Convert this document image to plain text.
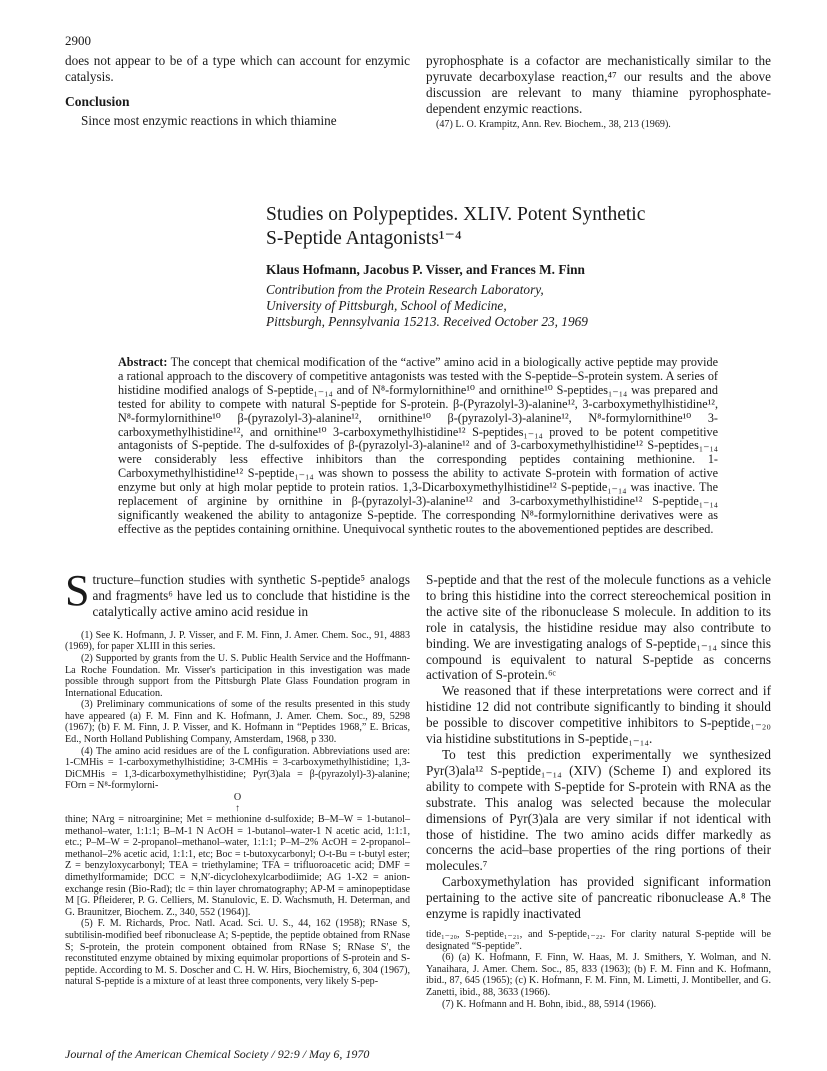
2900

does not appear to be of a type which can account for enzymic catalysis.

Conclusion

Since most enzymic reactions in which thiamine

pyrophosphate is a cofactor are mechanistically similar to the pyruvate decarboxylase reaction,⁴⁷ our results and the above discussion are relevant to many thiamine pyrophosphate-dependent enzymic reactions.

(47) L. O. Krampitz, Ann. Rev. Biochem., 38, 213 (1969).

Studies on Polypeptides. XLIV. Potent Synthetic
S-Peptide Antagonists¹⁻⁴
Klaus Hofmann, Jacobus P. Visser, and Frances M. Finn
Contribution from the Protein Research Laboratory,
University of Pittsburgh, School of Medicine,
Pittsburgh, Pennsylvania 15213. Received October 23, 1969
Abstract: The concept that chemical modification of the “active” amino acid in a biologically active peptide may provide a rational approach to the discovery of competitive antagonists was tested with the S-peptide–S-protein system. A series of histidine modified analogs of S-peptide₁₋₁₄ and of N⁸-formylornithine¹⁰ and ornithine¹⁰ S-peptides₁₋₁₄ was prepared and tested for ability to compete with natural S-peptide for S-protein. β-(Pyrazolyl-3)-alanine¹², 3-carboxymethylhistidine¹², N⁸-formylornithine¹⁰ β-(pyrazolyl-3)-alanine¹², ornithine¹⁰ β-(pyrazolyl-3)-alanine¹², N⁸-formylornithine¹⁰ 3-carboxymethylhistidine¹², and ornithine¹⁰ 3-carboxymethylhistidine¹² S-peptides₁₋₁₄ proved to be potent competitive antagonists of S-peptide. The d-sulfoxides of β-(pyrazolyl-3)-alanine¹² and of 3-carboxymethylhistidine¹² S-peptides₁₋₁₄ were considerably less effective inhibitors than the corresponding peptides containing methionine. 1-Carboxymethylhistidine¹² S-peptide₁₋₁₄ was shown to possess the ability to activate S-protein with formation of active enzyme but only at high molar peptide to protein ratios. 1,3-Dicarboxymethylhistidine¹² S-peptide₁₋₁₄ was inactive. The replacement of arginine by ornithine in β-(pyrazolyl-3)-alanine¹² and 3-carboxymethylhistidine¹² S-peptide₁₋₁₄ significantly weakened the ability to antagonize S-peptide. The corresponding N⁸-formylornithine derivatives were as effective as the peptides containing ornithine. Unequivocal synthetic routes to the abovementioned peptides are described.

Structure–function studies with synthetic S-peptide⁵ analogs and fragments⁶ have led us to conclude that histidine is the catalytically active amino acid residue in

(1) See K. Hofmann, J. P. Visser, and F. M. Finn, J. Amer. Chem. Soc., 91, 4883 (1969), for paper XLIII in this series.

(2) Supported by grants from the U. S. Public Health Service and the Hoffmann-La Roche Foundation. Mr. Visser's participation in this investigation was made possible through support from the Pittsburgh Plate Glass Foundation program in International Education.

(3) Preliminary communications of some of the results presented in this study have appeared (a) F. M. Finn and K. Hofmann, J. Amer. Chem. Soc., 89, 5298 (1967); (b) F. M. Finn, J. P. Visser, and K. Hofmann in “Peptides 1968,” E. Bricas, Ed., North Holland Publishing Company, Amsterdam, 1968, p 330.

(4) The amino acid residues are of the L configuration. Abbreviations used are: 1-CMHis = 1-carboxymethylhistidine; 3-CMHis = 3-carboxymethylhistidine; 1,3-DiCMHis = 1,3-dicarboxymethylhistidine; Pyr(3)ala = β-(pyrazolyl)-3)-alanine; FOrn = N⁸-formylorni-

O
↑

thine; NArg = nitroarginine; Met = methionine d-sulfoxide; B–M–W = 1-butanol–methanol–water, 1:1:1; B–M-1 N AcOH = 1-butanol–water-1 N acetic acid, 1:1:1, etc.; P–M–W = 2-propanol–methanol–water, 1:1:1; P–M–2% AcOH = 2-propanol–methanol–2% acetic acid, 1:1:1, etc; Boc = t-butoxycarbonyl; O-t-Bu = t-butyl ester; Z = benzyloxycarbonyl; TEA = triethylamine; TFA = trifluoroacetic acid; DMF = dimethylformamide; DCC = N,N′-dicyclohexylcarbodiimide; AG 1-X2 = anion-exchange resin (Bio-Rad); tlc = thin layer chromatography; AP-M = aminopeptidase M [G. Pfleiderer, P. G. Celliers, M. Stanulovic, E. D. Wachsmuth, H. Determan, and G. Braunitzer, Biochem. Z., 340, 552 (1964)].

(5) F. M. Richards, Proc. Natl. Acad. Sci. U. S., 44, 162 (1958); RNase S, subtilisin-modified beef ribonuclease A; S-peptide, the peptide obtained from RNase S; S-protein, the protein component obtained from RNase S; RNase S′, the reconstituted enzyme obtained by mixing equimolar proportions of S-protein and S-peptide. According to M. S. Doscher and C. H. W. Hirs, Biochemistry, 6, 304 (1967), natural S-peptide is a mixture of at least three components, very likely S-pep-

S-peptide and that the rest of the molecule functions as a vehicle to bring this histidine into the correct stereochemical position in the active site of the ribonuclease S molecule. In addition to its role in catalysis, the histidine residue may also contribute to binding. We are investigating analogs of S-peptide₁₋₁₄ since this compound is equivalent to natural S-peptide as concerns activation of S-protein.⁶ᶜ

We reasoned that if these interpretations were correct and if histidine 12 did not contribute significantly to binding it should be possible to discover competitive inhibitors to S-peptide₁₋₂₀ via histidine substitutions in S-peptide₁₋₁₄.

To test this prediction experimentally we synthesized Pyr(3)ala¹² S-peptide₁₋₁₄ (XIV) (Scheme I) and explored its ability to compete with S-peptide for S-protein with RNA as the substrate. This analog was selected because the molecular dimensions of Pyr(3)ala are very similar if not identical with those of histidine. The two amino acids differ markedly as concerns the acid–base properties of the ring portions of their molecules.⁷

Carboxymethylation has provided significant information pertaining to the active site of pancreatic ribonuclease A.⁸ The enzyme is rapidly inactivated

tide₁₋₂₀, S-peptide₁₋₂₁, and S-peptide₁₋₂₂. For clarity natural S-peptide will be designated “S-peptide”.

(6) (a) K. Hofmann, F. Finn, W. Haas, M. J. Smithers, Y. Wolman, and N. Yanaihara, J. Amer. Chem. Soc., 85, 833 (1963); (b) F. M. Finn and K. Hofmann, ibid., 87, 645 (1965); (c) K. Hofmann, F. M. Finn, M. Limetti, J. Montibeller, and G. Zanetti, ibid., 88, 3633 (1966).

(7) K. Hofmann and H. Bohn, ibid., 88, 5914 (1966).

Journal of the American Chemical Society / 92:9 / May 6, 1970
